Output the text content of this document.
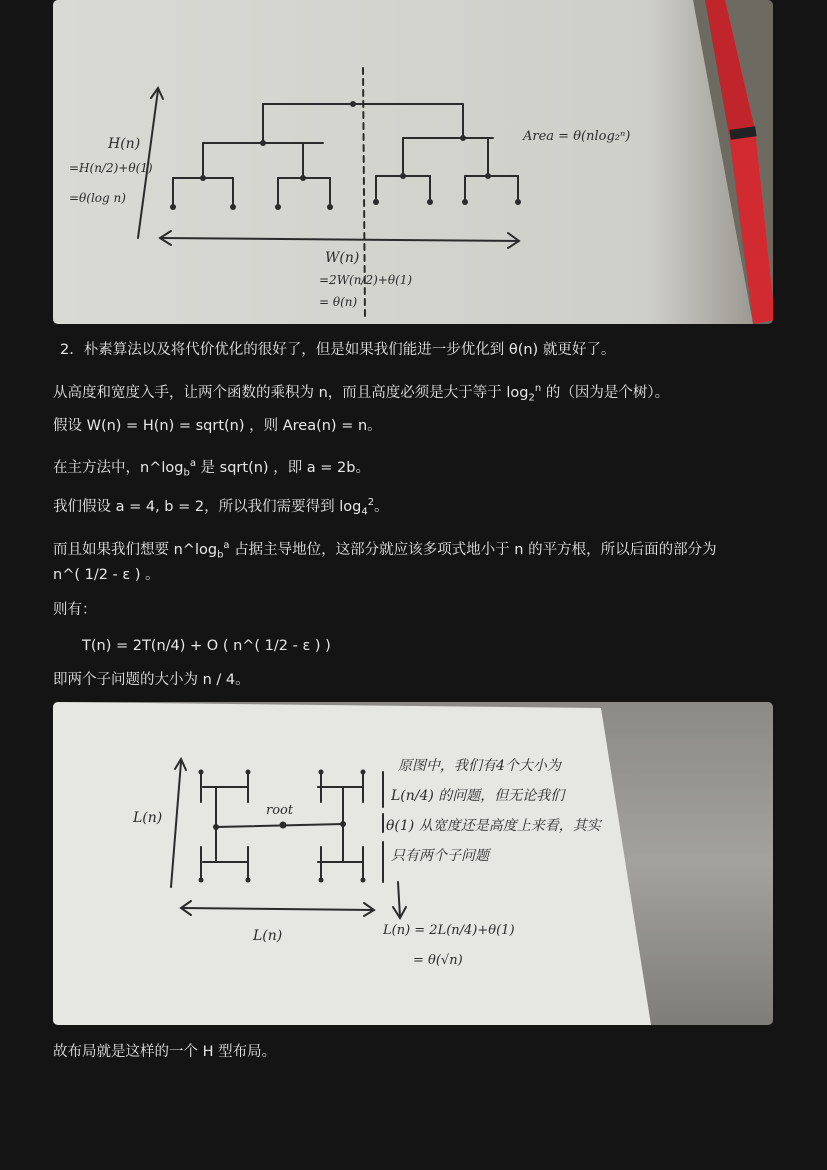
H(n)
=H(n/2)+θ(1)
=θ(log n)
Area = θ(nlog₂ⁿ)
W(n)
=2W(n/2)+θ(1)
= θ(n)
2．朴素算法以及将代价优化的很好了，但是如果我们能进一步优化到 θ(n) 就更好了。
从高度和宽度入手，让两个函数的乘积为 n，而且高度必须是大于等于 $\log_2^n$ 的（因为是个树）。
假设 W(n) = H(n) = sqrt(n) ，则 Area(n) = n。
在主方法中，$n\^{}\log_b^a$ 是 sqrt(n) ，即 a = 2b。
我们假设 a = 4, b = 2，所以我们需要得到 $\log_4^2$。
而且如果我们想要 $n\^{}\log_b^a$ 占据主导地位，这部分就应该多项式地小于 n 的平方根，所以后面的部分为
n^( 1/2 - ε ) 。
则有：
T(n) = 2T(n/4) + O ( n^( 1/2 - ε ) )
即两个子问题的大小为 n / 4。
L(n)	root
原图中，我们有4个大小为
L(n/4) 的问题，但无论我们
θ(1) 从宽度还是高度上来看，其实
只有两个子问题
L(n)	L(n) = 2L(n/4)+θ(1)
= θ(√n)
故布局就是这样的一个 H 型布局。
